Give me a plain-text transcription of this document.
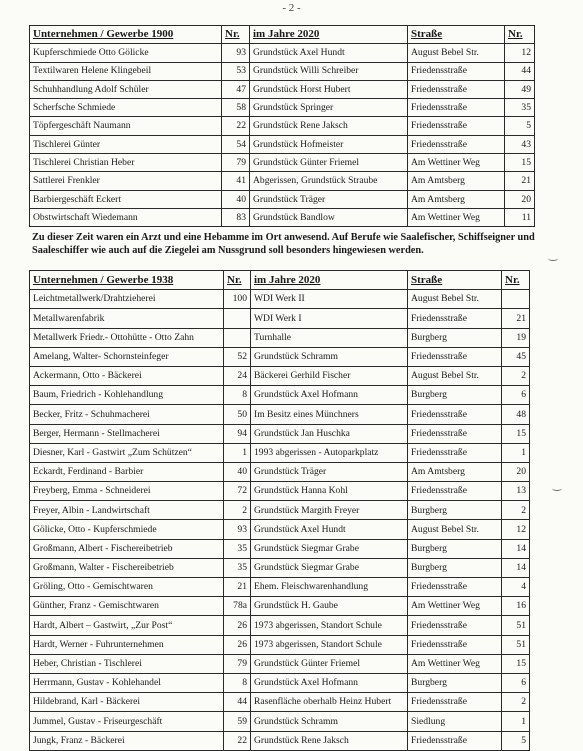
- 2 -
Unternehmen / Gewerbe 1900	Nr.	im Jahre 2020	Straße	Nr.
Kupferschmiede Otto Gölicke	93	Grundstück Axel Hundt	August Bebel Str.	12
Textilwaren Helene Klingebeil	53	Grundstück Willi Schreiber	Friedensstraße	44
Schuhhandlung Adolf Schüler	47	Grundstück Horst Hubert	Friedensstraße	49
Scherfsche Schmiede	58	Grundstück Springer	Friedensstraße	35
Töpfergeschäft Naumann	22	Grundstück Rene Jaksch	Friedensstraße	5
Tischlerei Günter	54	Grundstück Hofmeister	Friedensstraße	43
Tischlerei Christian Heber	79	Grundstück Günter Friemel	Am Wettiner Weg	15
Sattlerei Frenkler	41	Abgerissen, Grundstück Straube	Am Amtsberg	21
Barbiergeschäft Eckert	40	Grundstück Träger	Am Amtsberg	20
Obstwirtschaft Wiedemann	83	Grundstück Bandlow	Am Wettiner Weg	11
Zu dieser Zeit waren ein Arzt und eine Hebamme im Ort anwesend. Auf Berufe wie Saalefischer, Schiffseigner und Saaleschiffer wie auch auf die Ziegelei am Nussgrund soll besonders hingewiesen werden.
Unternehmen / Gewerbe 1938	Nr.	im Jahre 2020	Straße	Nr.
Leichtmetallwerk/Drahtzieherei	100	WDI Werk II	August Bebel Str.	
Metallwarenfabrik		WDI Werk I	Friedensstraße	21
Metallwerk Friedr.- Ottohütte - Otto Zahn		Turnhalle	Burgberg	19
Amelang, Walter- Schornsteinfeger	52	Grundstück Schramm	Friedensstraße	45
Ackermann, Otto - Bäckerei	24	Bäckerei Gerhild Fischer	August Bebel Str.	2
Baum, Friedrich - Kohlehandlung	8	Grundstück Axel Hofmann	Burgberg	6
Becker, Fritz - Schuhmacherei	50	Im Besitz eines Münchners	Friedensstraße	48
Berger, Hermann - Stellmacherei	94	Grundstück Jan Huschka	Friedensstraße	15
Diesner, Karl - Gastwirt „Zum Schützen“	1	1993 abgerissen - Autoparkplatz	Friedensstraße	1
Eckardt, Ferdinand - Barbier	40	Grundstück Träger	Am Amtsberg	20
Freyberg, Emma - Schneiderei	72	Grundstück Hanna Kohl	Friedensstraße	13
Freyer, Albin - Landwirtschaft	2	Grundstück Margith Freyer	Burgberg	2
Gölicke, Otto - Kupferschmiede	93	Grundstück Axel Hundt	August Bebel Str.	12
Großmann, Albert - Fischereibetrieb	35	Grundstück Siegmar Grabe	Burgberg	14
Großmann, Walter - Fischereibetrieb	35	Grundstück Siegmar Grabe	Burgberg	14
Gröling, Otto - Gemischtwaren	21	Ehem. Fleischwarenhandlung	Friedensstraße	4
Günther, Franz - Gemischtwaren	78a	Grundstück H. Gaube	Am Wettiner Weg	16
Hardt, Albert – Gastwirt, „Zur Post“	26	1973 abgerissen, Standort Schule	Friedensstraße	51
Hardt, Werner - Fuhrunternehmen	26	1973 abgerissen, Standort Schule	Friedensstraße	51
Heber, Christian - Tischlerei	79	Grundstück Günter Friemel	Am Wettiner Weg	15
Herrmann, Gustav - Kohlehandel	8	Grundstück Axel Hofmann	Burgberg	6
Hildebrand, Karl - Bäckerei	44	Rasenfläche oberhalb Heinz Hubert	Friedensstraße	2
Jummel, Gustav - Friseurgeschäft	59	Grundstück Schramm	Siedlung	1
Jungk, Franz - Bäckerei	22	Grundstück Rene Jaksch	Friedensstraße	5
